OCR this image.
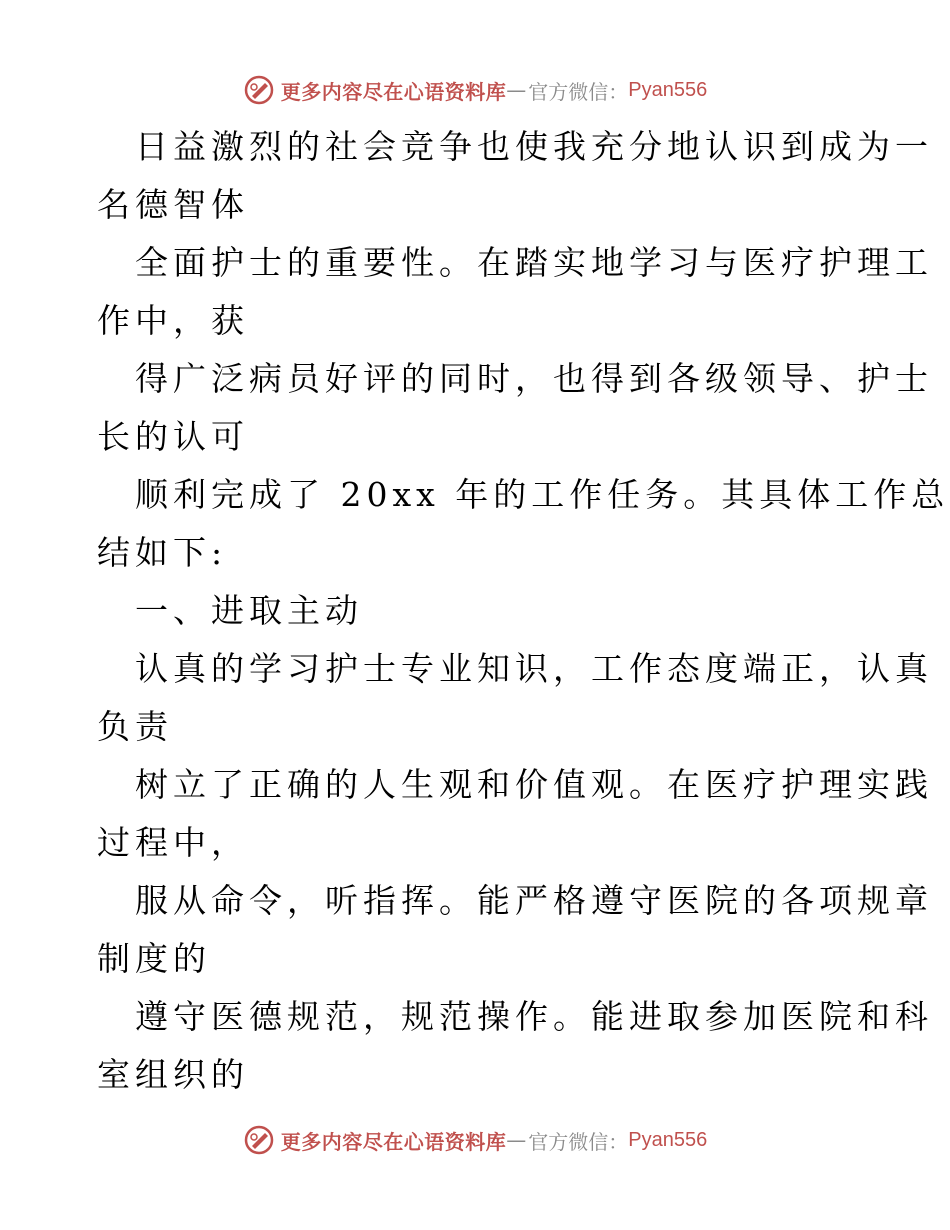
更多内容尽在心语资料库 — 官方微信： Pyan556
日益激烈的社会竞争也使我充分地认识到成为一
名德智体
全面护士的重要性。在踏实地学习与医疗护理工
作中，获
得广泛病员好评的同时，也得到各级领导、护士
长的认可
顺利完成了 20xx 年的工作任务。其具体工作总
结如下:
一、进取主动
认真的学习护士专业知识，工作态度端正，认真
负责
树立了正确的人生观和价值观。在医疗护理实践
过程中，
服从命令，听指挥。能严格遵守医院的各项规章
制度的
遵守医德规范，规范操作。能进取参加医院和科
室组织的
更多内容尽在心语资料库 — 官方微信： Pyan556
